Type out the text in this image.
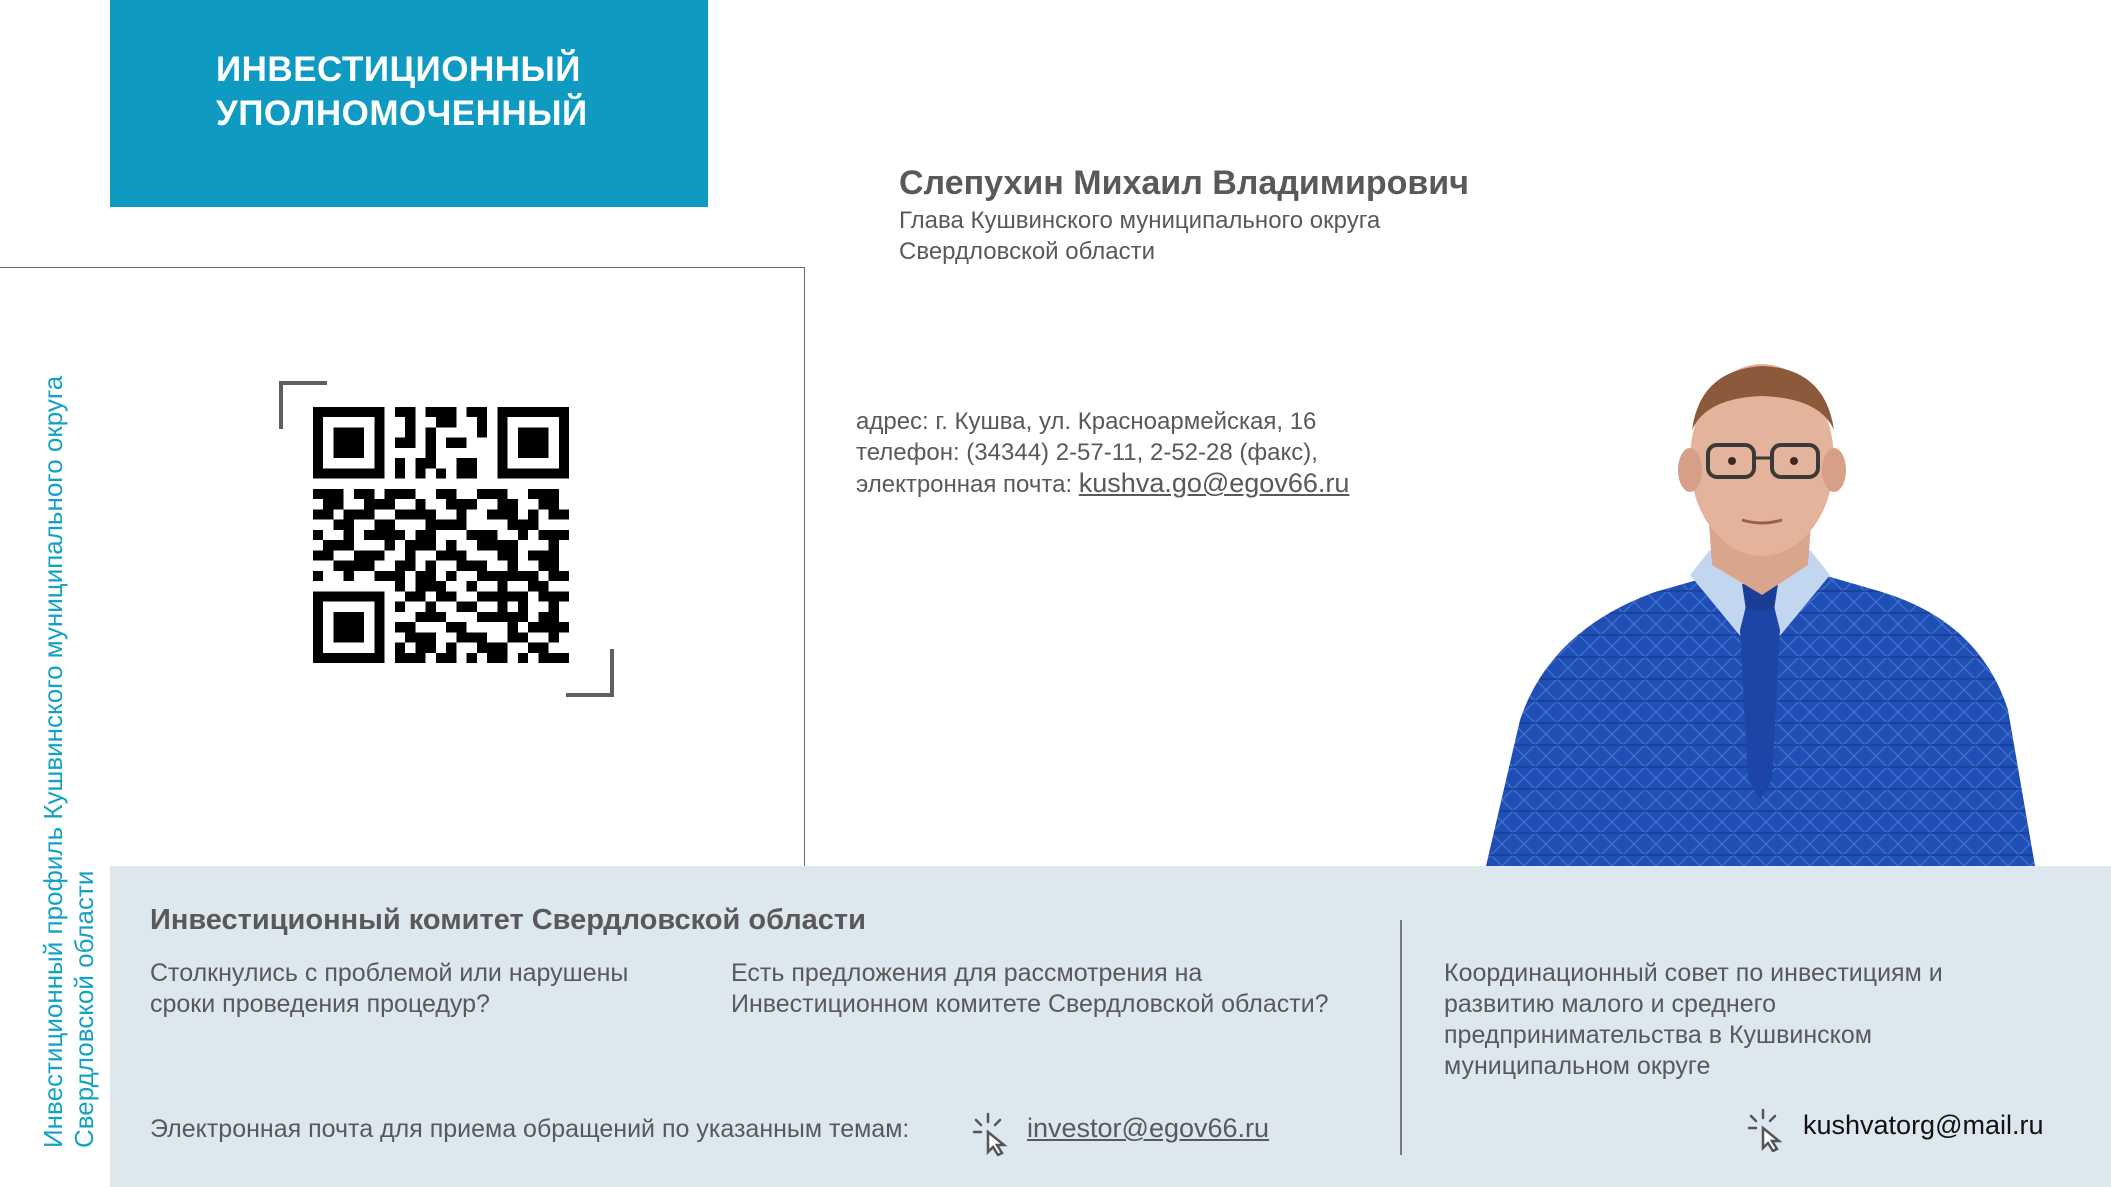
ИНВЕСТИЦИОННЫЙ
УПОЛНОМОЧЕННЫЙ
Инвестиционный профиль Кушвинского муниципального округа
Свердловской области
Слепухин Михаил Владимирович
Глава Кушвинского муниципального округа
Свердловской области
адрес: г. Кушва, ул. Красноармейская, 16
телефон: (34344) 2-57-11, 2-52-28 (факс),
электронная почта: kushva.go@egov66.ru
Инвестиционный комитет Свердловской области
Столкнулись с проблемой или нарушены
сроки проведения процедур?
Есть предложения для рассмотрения на
Инвестиционном комитете Свердловской области?
Координационный совет по инвестициям и
развитию малого и среднего
предпринимательства в Кушвинском
муниципальном округе
Электронная почта для приема обращений по указанным темам:	investor@egov66.ru	kushvatorg@mail.ru
